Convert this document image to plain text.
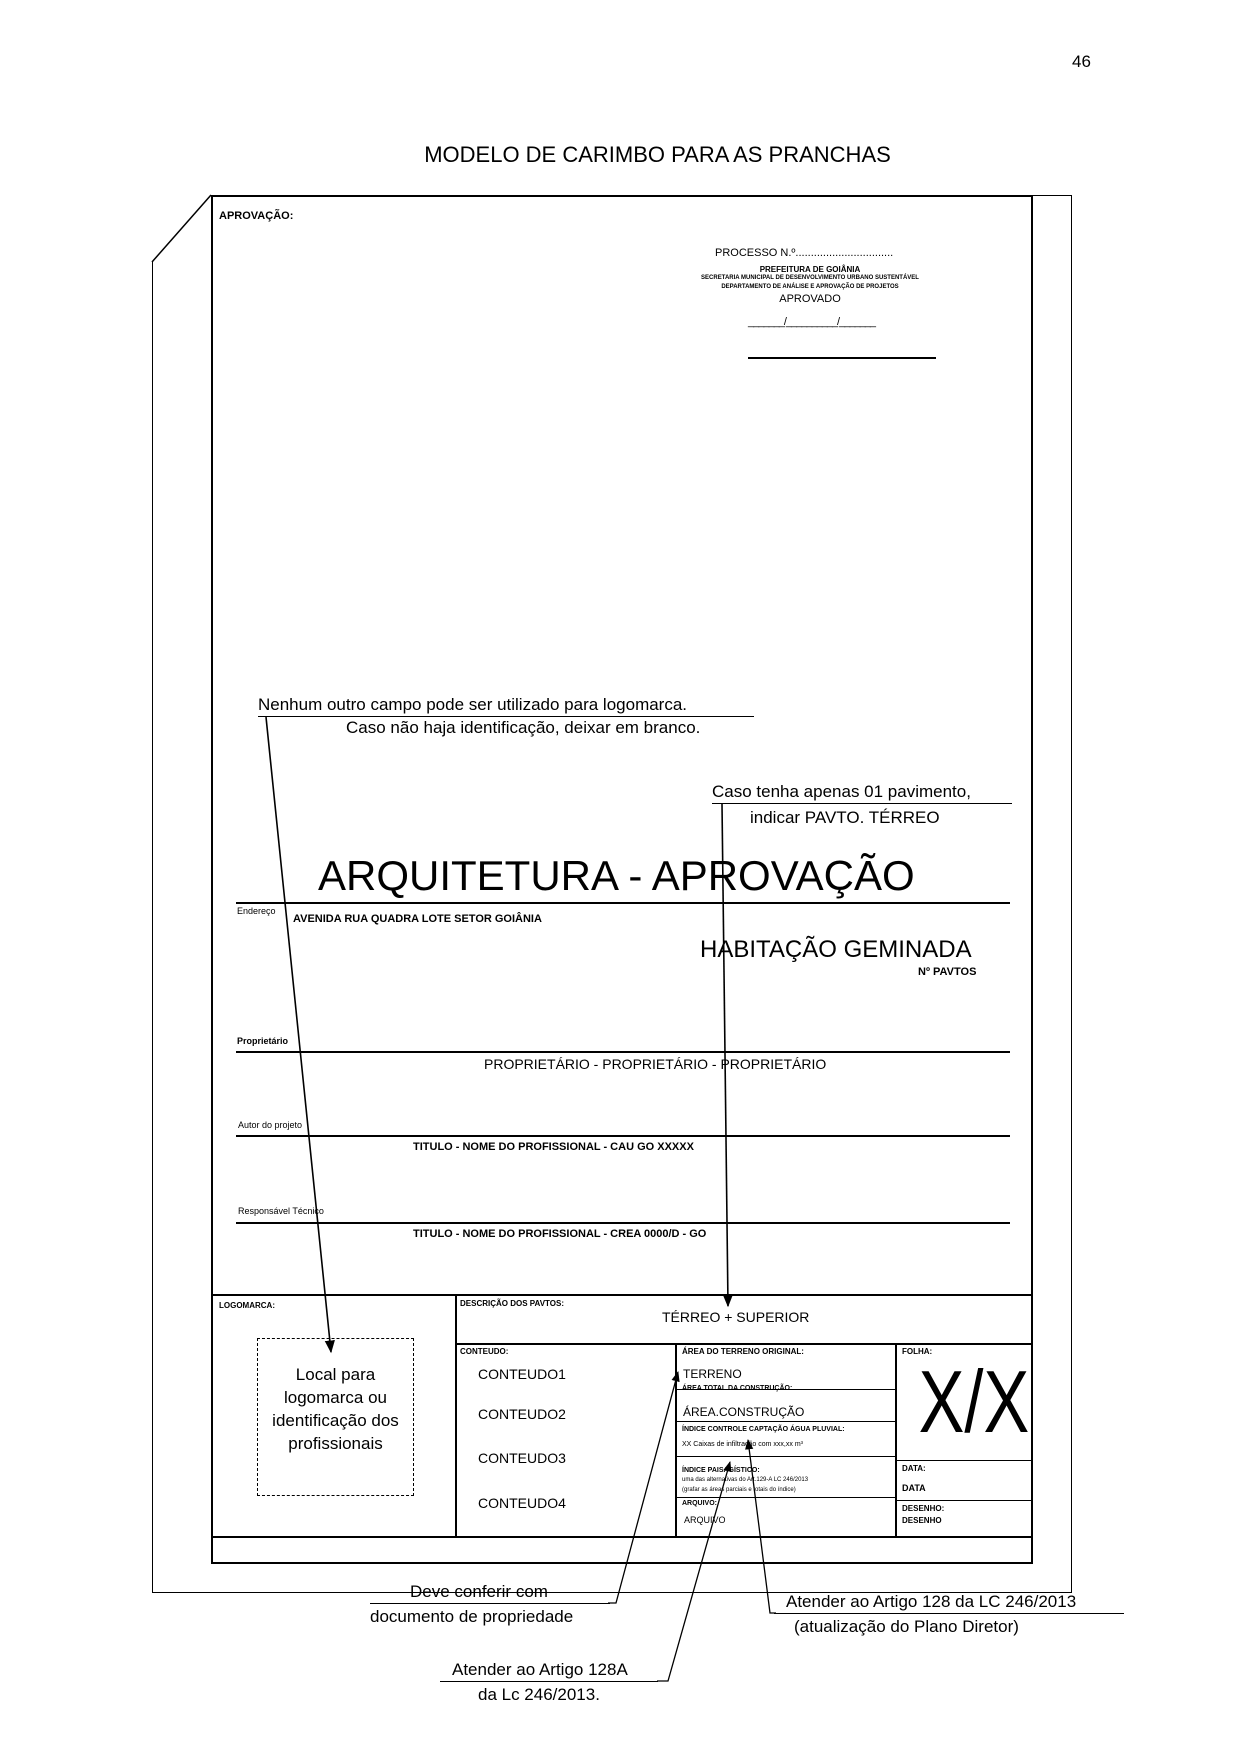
46
MODELO DE CARIMBO PARA AS PRANCHAS
APROVAÇÃO:
PROCESSO N.º................................
PREFEITURA DE GOIÂNIA
SECRETARIA MUNICIPAL DE DESENVOLVIMENTO URBANO SUSTENTÁVEL
DEPARTAMENTO DE ANÁLISE E APROVAÇÃO DE PROJETOS
APROVADO
_______/__________/_______
Nenhum outro campo pode ser utilizado para logomarca.
Caso não haja identificação, deixar em branco.
Caso tenha apenas 01 pavimento,
indicar PAVTO. TÉRREO
ARQUITETURA - APROVAÇÃO
Endereço
AVENIDA RUA QUADRA LOTE SETOR GOIÂNIA
HABITAÇÃO GEMINADA
Nº PAVTOS
Proprietário
PROPRIETÁRIO - PROPRIETÁRIO - PROPRIETÁRIO
Autor do projeto
TITULO - NOME DO PROFISSIONAL - CAU GO XXXXX
Responsável Técnico
TITULO - NOME DO PROFISSIONAL - CREA 0000/D - GO
LOGOMARCA:
Local para
logomarca ou
identificação dos
profissionais
DESCRIÇÃO DOS PAVTOS:
TÉRREO + SUPERIOR
CONTEUDO:
CONTEUDO1
CONTEUDO2
CONTEUDO3
CONTEUDO4
ÁREA DO TERRENO ORIGINAL:
TERRENO
ÁREA TOTAL DA CONSTRUÇÃO:
ÁREA.CONSTRUÇÃO
ÍNDICE CONTROLE CAPTAÇÃO ÁGUA PLUVIAL:
XX Caixas de infiltração com xxx,xx m³
ÍNDICE PAISAGÍSTICO:
uma das alternativas do Art.129-A LC 246/2013
(grafar as áreas parciais e totais do índice)
ARQUIVO:
ARQUIVO
FOLHA:
X/X
DATA:
DATA
DESENHO:
DESENHO
Deve conferir com
documento de propriedade
Atender ao Artigo 128A
da Lc 246/2013.
Atender ao Artigo 128 da LC 246/2013
(atualização do Plano Diretor)
